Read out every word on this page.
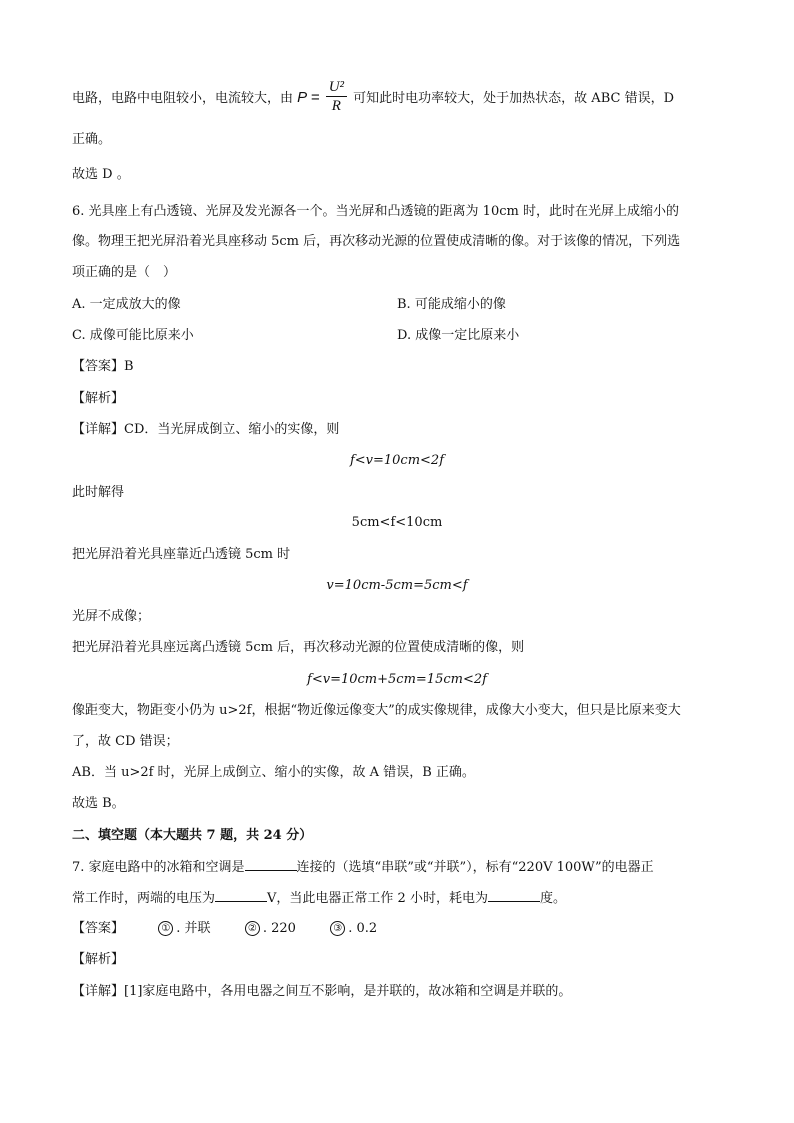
电路，电路中电阻较小，电流较大，由 $P = \frac{\text{U²}}{R}$ 可知此时电功率较大，处于加热状态，故 ABC 错误，D
正确。
故选 D 。
6. 光具座上有凸透镜、光屏及发光源各一个。当光屏和凸透镜的距离为 10cm 时，此时在光屏上成缩小的
像。物理王把光屏沿着光具座移动 5cm 后，再次移动光源的位置使成清晰的像。对于该像的情况，下列选
项正确的是（　）
A. 一定成放大的像	B. 可能成缩小的像
C. 成像可能比原来小	D. 成像一定比原来小
【答案】B
【解析】
【详解】CD．当光屏成倒立、缩小的实像，则
f<v=10cm<2f
此时解得
5cm<f<10cm
把光屏沿着光具座靠近凸透镜 5cm 时
v=10cm-5cm=5cm<f
光屏不成像；
把光屏沿着光具座远离凸透镜 5cm 后，再次移动光源的位置使成清晰的像，则
f<v=10cm+5cm=15cm<2f
像距变大，物距变小仍为 u>2f，根据“物近像远像变大”的成实像规律，成像大小变大，但只是比原来变大
了，故 CD 错误；
AB．当 u>2f 时，光屏上成倒立、缩小的实像，故 A 错误，B 正确。
故选 B。
二、填空题（本大题共 7 题，共 24 分）
7. 家庭电路中的冰箱和空调是	连接的（选填“串联”或“并联”），标有“220V 100W”的电器正
常工作时，两端的电压为	V，当此电器正常工作 2 小时，耗电为	度。
【答案】	① . 并联	② . 220	③ . 0.2
【解析】
【详解】[1]家庭电路中，各用电器之间互不影响，是并联的，故冰箱和空调是并联的。
